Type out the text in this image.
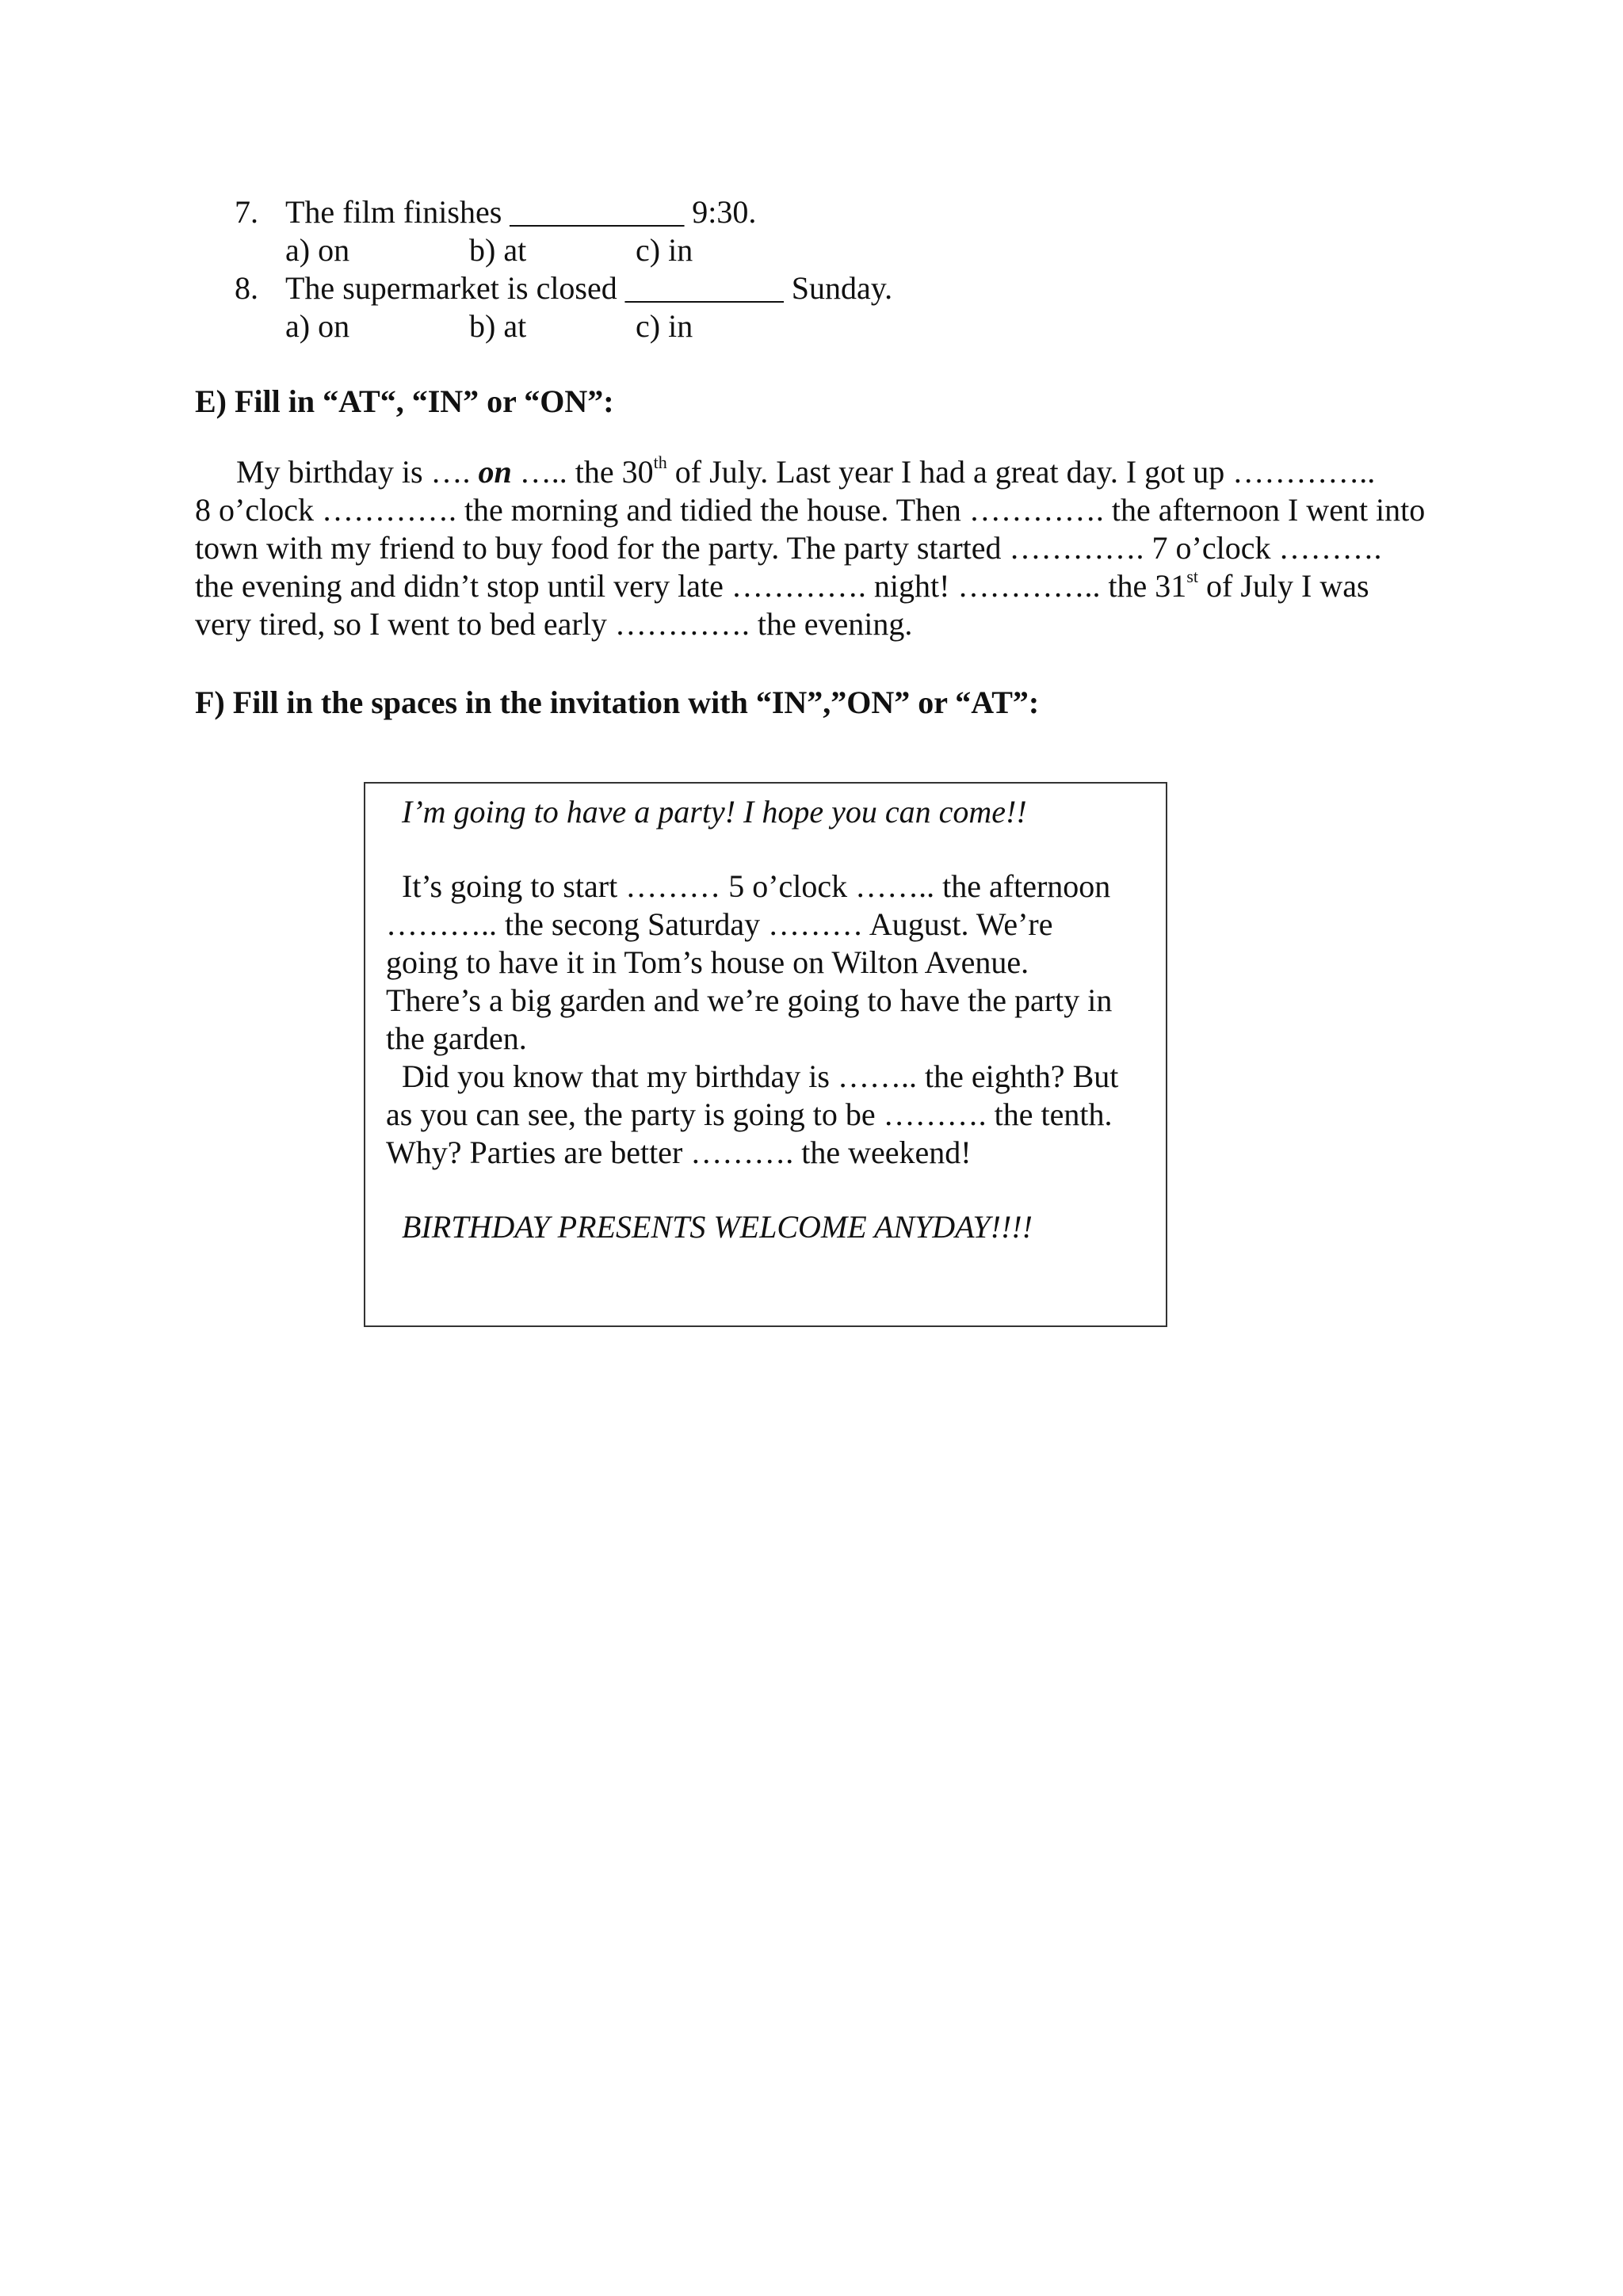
7. The film finishes ___________ 9:30.
a) on	b) at	c) in
8. The supermarket is closed __________ Sunday.
a) on	b) at	c) in
E) Fill in “AT“, “IN” or “ON”:
My birthday is …. on ….. the 30th of July. Last year I had a great day. I got up …………..
8 o’clock …………. the morning and tidied the house. Then …………. the afternoon I went into
town with my friend to buy food for the party. The party started …………. 7 o’clock ……….
the evening and didn’t stop until very late …………. night! ………….. the 31st of July I was
very tired, so I went to bed early …………. the evening.
F) Fill in the spaces in the invitation with “IN”,”ON” or “AT”:
I’m going to have a party! I hope you can come!!
It’s going to start ……… 5 o’clock …….. the afternoon
……….. the secong Saturday ……… August. We’re
going to have it in Tom’s house on Wilton Avenue.
There’s a big garden and we’re going to have the party in
the garden.
Did you know that my birthday is …….. the eighth? But
as you can see, the party is going to be ………. the tenth.
Why? Parties are better ………. the weekend!
BIRTHDAY PRESENTS WELCOME ANYDAY!!!!
